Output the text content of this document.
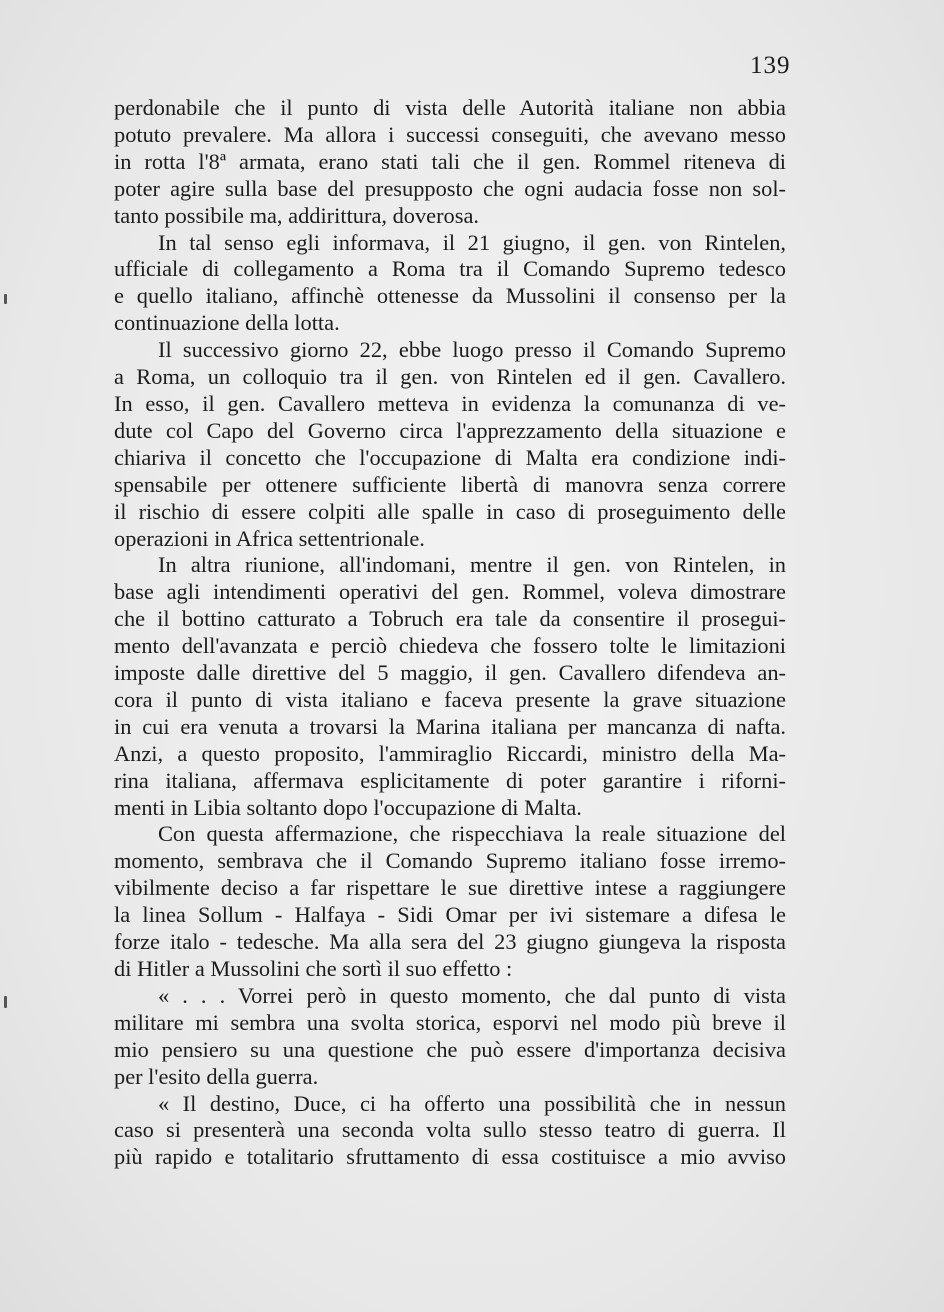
139
perdonabile che il punto di vista delle Autorità italiane non abbia
potuto prevalere. Ma allora i successi conseguiti, che avevano messo
in rotta l'8ª armata, erano stati tali che il gen. Rommel riteneva di
poter agire sulla base del presupposto che ogni audacia fosse non sol-
tanto possibile ma, addirittura, doverosa.
In tal senso egli informava, il 21 giugno, il gen. von Rintelen,
ufficiale di collegamento a Roma tra il Comando Supremo tedesco
e quello italiano, affinchè ottenesse da Mussolini il consenso per la
continuazione della lotta.
Il successivo giorno 22, ebbe luogo presso il Comando Supremo
a Roma, un colloquio tra il gen. von Rintelen ed il gen. Cavallero.
In esso, il gen. Cavallero metteva in evidenza la comunanza di ve-
dute col Capo del Governo circa l'apprezzamento della situazione e
chiariva il concetto che l'occupazione di Malta era condizione indi-
spensabile per ottenere sufficiente libertà di manovra senza correre
il rischio di essere colpiti alle spalle in caso di proseguimento delle
operazioni in Africa settentrionale.
In altra riunione, all'indomani, mentre il gen. von Rintelen, in
base agli intendimenti operativi del gen. Rommel, voleva dimostrare
che il bottino catturato a Tobruch era tale da consentire il prosegui-
mento dell'avanzata e perciò chiedeva che fossero tolte le limitazioni
imposte dalle direttive del 5 maggio, il gen. Cavallero difendeva an-
cora il punto di vista italiano e faceva presente la grave situazione
in cui era venuta a trovarsi la Marina italiana per mancanza di nafta.
Anzi, a questo proposito, l'ammiraglio Riccardi, ministro della Ma-
rina italiana, affermava esplicitamente di poter garantire i riforni-
menti in Libia soltanto dopo l'occupazione di Malta.
Con questa affermazione, che rispecchiava la reale situazione del
momento, sembrava che il Comando Supremo italiano fosse irremo-
vibilmente deciso a far rispettare le sue direttive intese a raggiungere
la linea Sollum - Halfaya - Sidi Omar per ivi sistemare a difesa le
forze italo - tedesche. Ma alla sera del 23 giugno giungeva la risposta
di Hitler a Mussolini che sortì il suo effetto :
« . . . Vorrei però in questo momento, che dal punto di vista
militare mi sembra una svolta storica, esporvi nel modo più breve il
mio pensiero su una questione che può essere d'importanza decisiva
per l'esito della guerra.
« Il destino, Duce, ci ha offerto una possibilità che in nessun
caso si presenterà una seconda volta sullo stesso teatro di guerra. Il
più rapido e totalitario sfruttamento di essa costituisce a mio avviso
